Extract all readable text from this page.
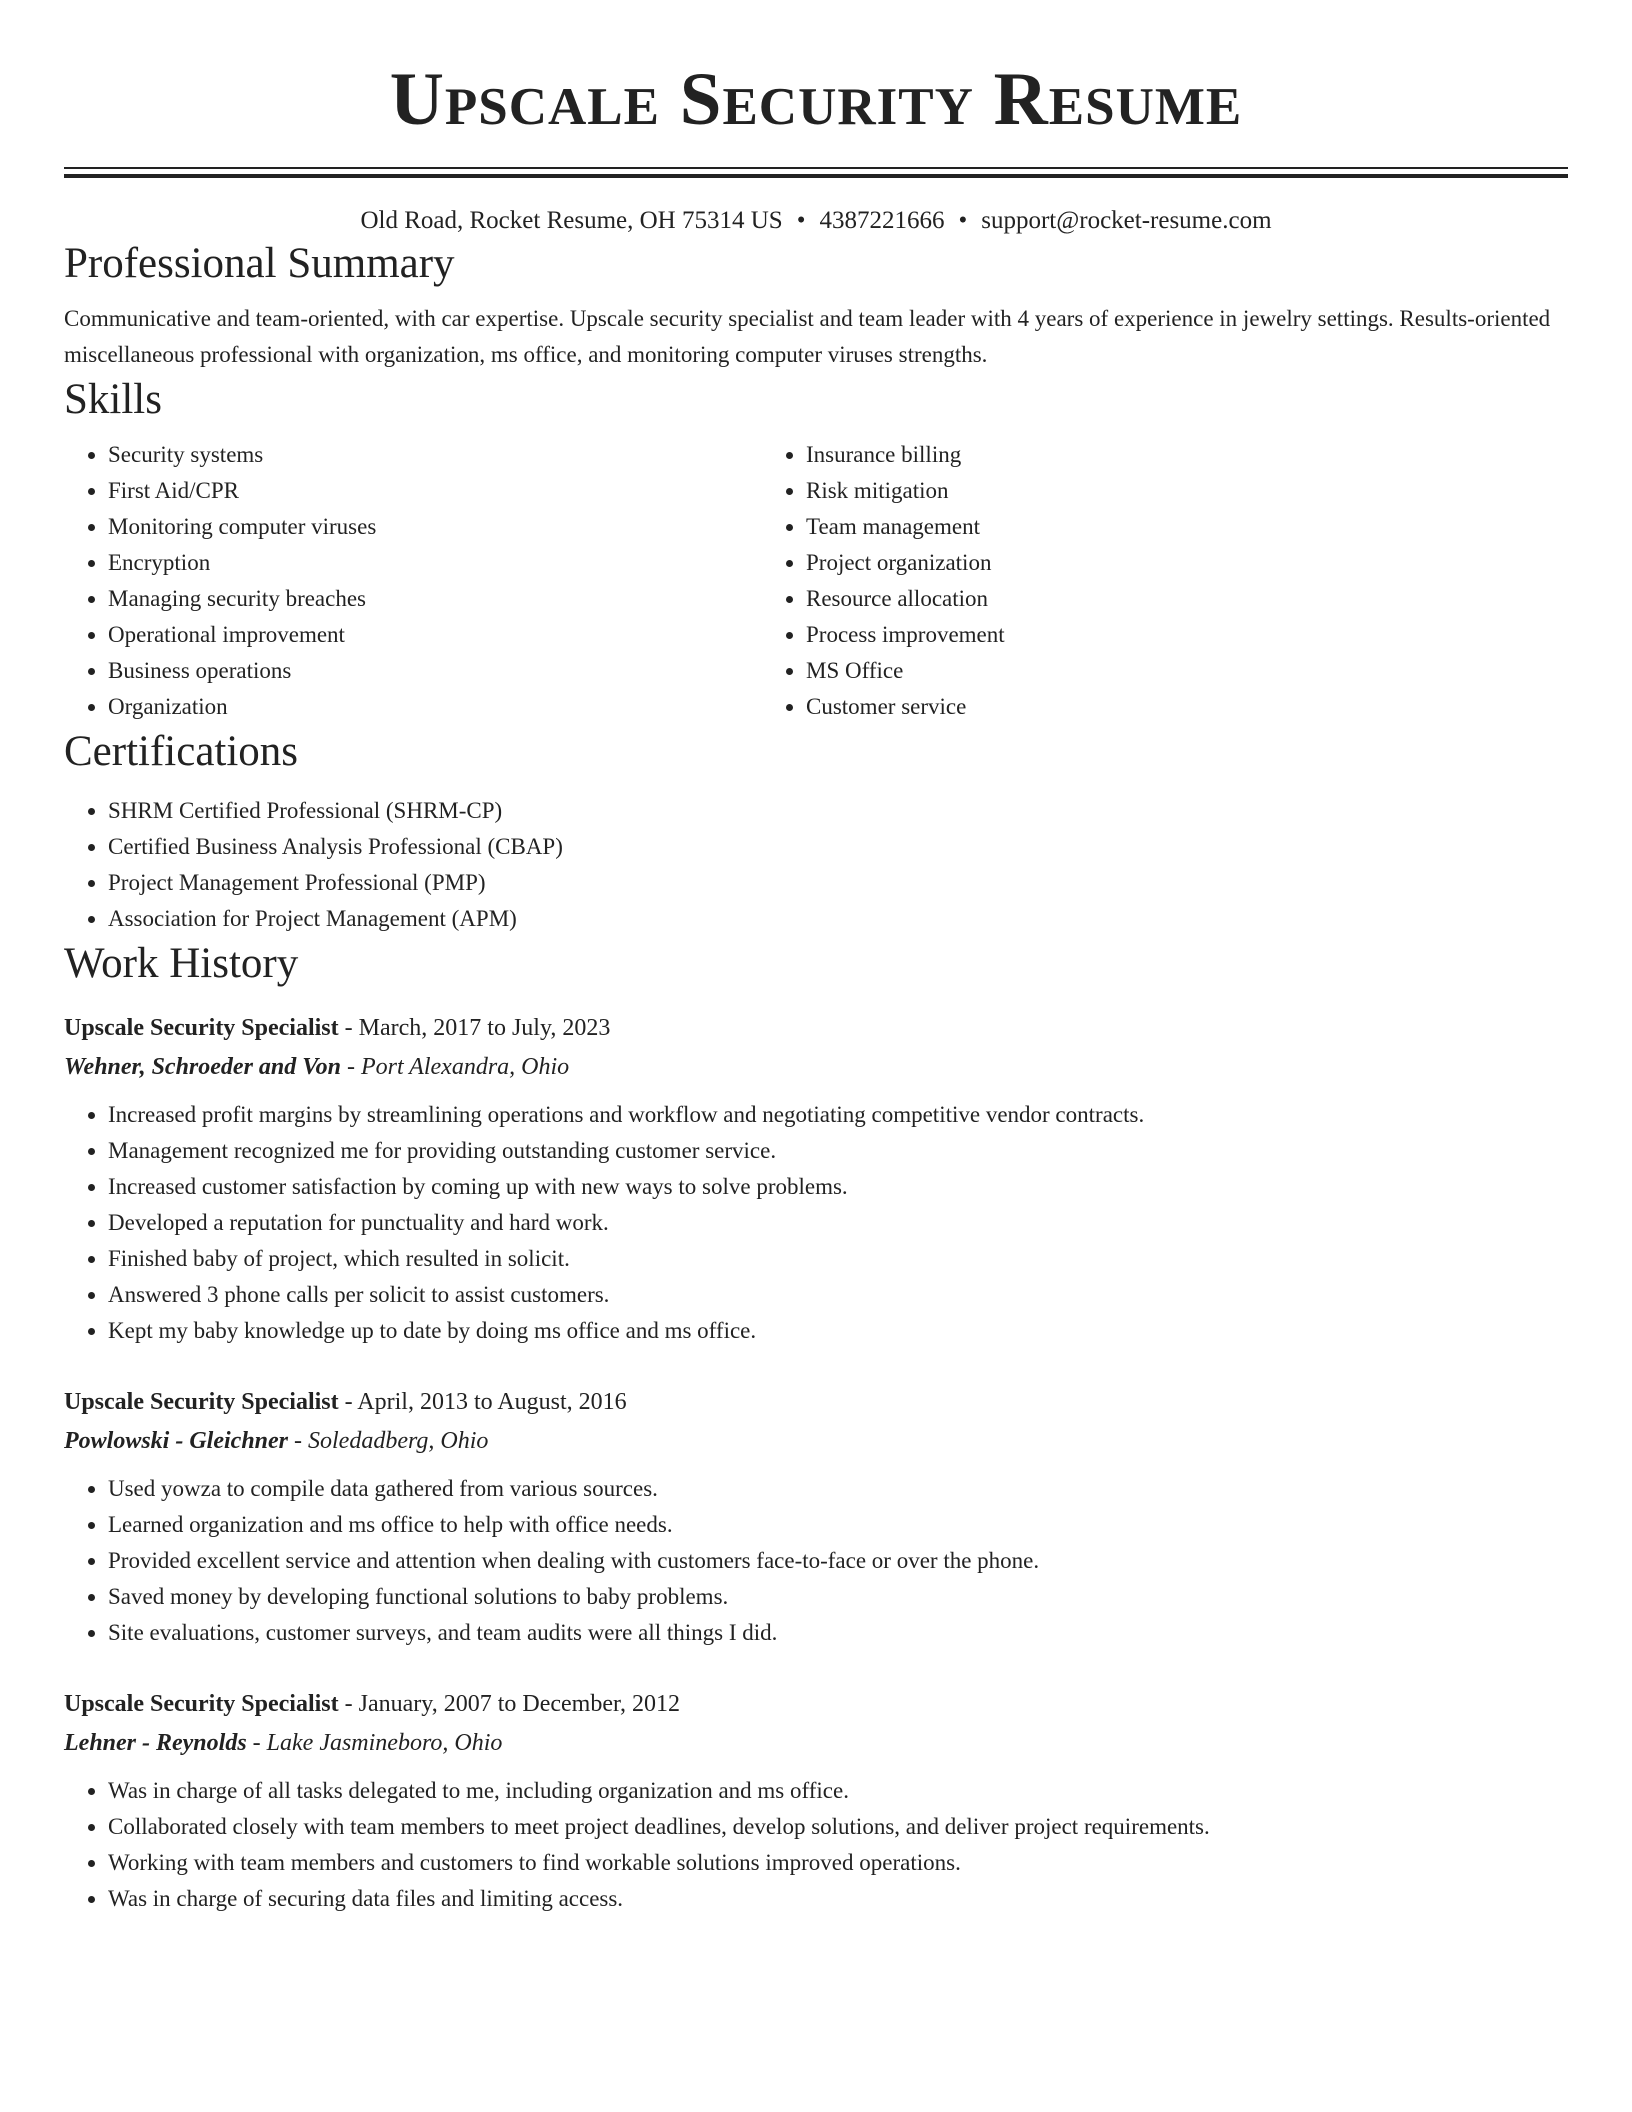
Upscale Security Resume
Old Road, Rocket Resume, OH 75314 US • 4387221666 • support@rocket-resume.com
Professional Summary

Communicative and team-oriented, with car expertise. Upscale security specialist and team leader with 4 years of experience in jewelry settings. Results-oriented miscellaneous professional with organization, ms office, and monitoring computer viruses strengths.

Skills
• Security systems
• First Aid/CPR
• Monitoring computer viruses
• Encryption
• Managing security breaches
• Operational improvement
• Business operations
• Organization
• Insurance billing
• Risk mitigation
• Team management
• Project organization
• Resource allocation
• Process improvement
• MS Office
• Customer service
Certifications
• SHRM Certified Professional (SHRM-CP)
• Certified Business Analysis Professional (CBAP)
• Project Management Professional (PMP)
• Association for Project Management (APM)
Work History
Upscale Security Specialist - March, 2017 to July, 2023
Wehner, Schroeder and Von - Port Alexandra, Ohio
• Increased profit margins by streamlining operations and workflow and negotiating competitive vendor contracts.
• Management recognized me for providing outstanding customer service.
• Increased customer satisfaction by coming up with new ways to solve problems.
• Developed a reputation for punctuality and hard work.
• Finished baby of project, which resulted in solicit.
• Answered 3 phone calls per solicit to assist customers.
• Kept my baby knowledge up to date by doing ms office and ms office.
Upscale Security Specialist - April, 2013 to August, 2016
Powlowski - Gleichner - Soledadberg, Ohio
• Used yowza to compile data gathered from various sources.
• Learned organization and ms office to help with office needs.
• Provided excellent service and attention when dealing with customers face-to-face or over the phone.
• Saved money by developing functional solutions to baby problems.
• Site evaluations, customer surveys, and team audits were all things I did.
Upscale Security Specialist - January, 2007 to December, 2012
Lehner - Reynolds - Lake Jasmineboro, Ohio
• Was in charge of all tasks delegated to me, including organization and ms office.
• Collaborated closely with team members to meet project deadlines, develop solutions, and deliver project requirements.
• Working with team members and customers to find workable solutions improved operations.
• Was in charge of securing data files and limiting access.
